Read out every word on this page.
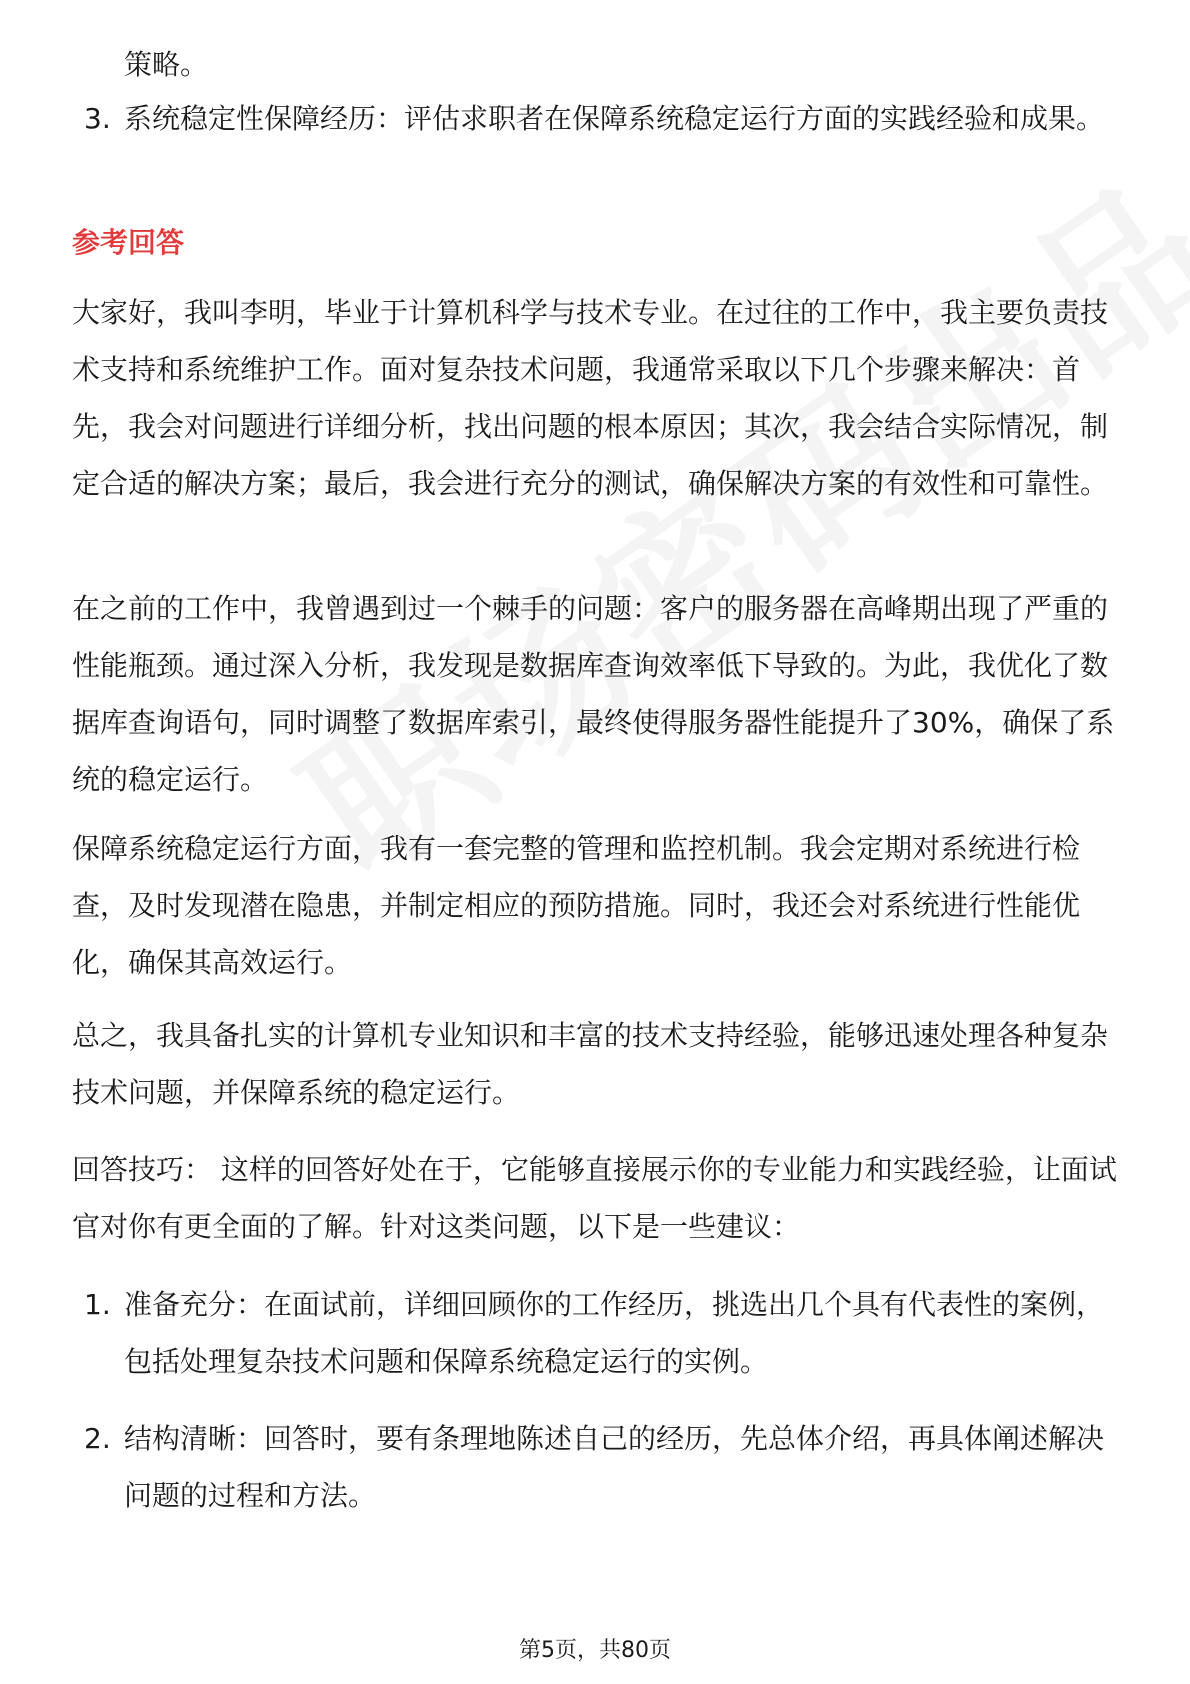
策略。

3. 系统稳定性保障经历：评估求职者在保障系统稳定运行方面的实践经验和成果。
参考回答

大家好，我叫李明，毕业于计算机科学与技术专业。在过往的工作中，我主要负责技术支持和系统维护工作。面对复杂技术问题，我通常采取以下几个步骤来解决：首先，我会对问题进行详细分析，找出问题的根本原因；其次，我会结合实际情况，制定合适的解决方案；最后，我会进行充分的测试，确保解决方案的有效性和可靠性。

在之前的工作中，我曾遇到过一个棘手的问题：客户的服务器在高峰期出现了严重的性能瓶颈。通过深入分析，我发现是数据库查询效率低下导致的。为此，我优化了数据库查询语句，同时调整了数据库索引，最终使得服务器性能提升了30%，确保了系统的稳定运行。

保障系统稳定运行方面，我有一套完整的管理和监控机制。我会定期对系统进行检查，及时发现潜在隐患，并制定相应的预防措施。同时，我还会对系统进行性能优化，确保其高效运行。

总之，我具备扎实的计算机专业知识和丰富的技术支持经验，能够迅速处理各种复杂技术问题，并保障系统的稳定运行。

回答技巧： 这样的回答好处在于，它能够直接展示你的专业能力和实践经验，让面试官对你有更全面的了解。针对这类问题，以下是一些建议：

1. 准备充分：在面试前，详细回顾你的工作经历，挑选出几个具有代表性的案例，包括处理复杂技术问题和保障系统稳定运行的实例。
2. 结构清晰：回答时，要有条理地陈述自己的经历，先总体介绍，再具体阐述解决问题的过程和方法。
第5页，共80页
